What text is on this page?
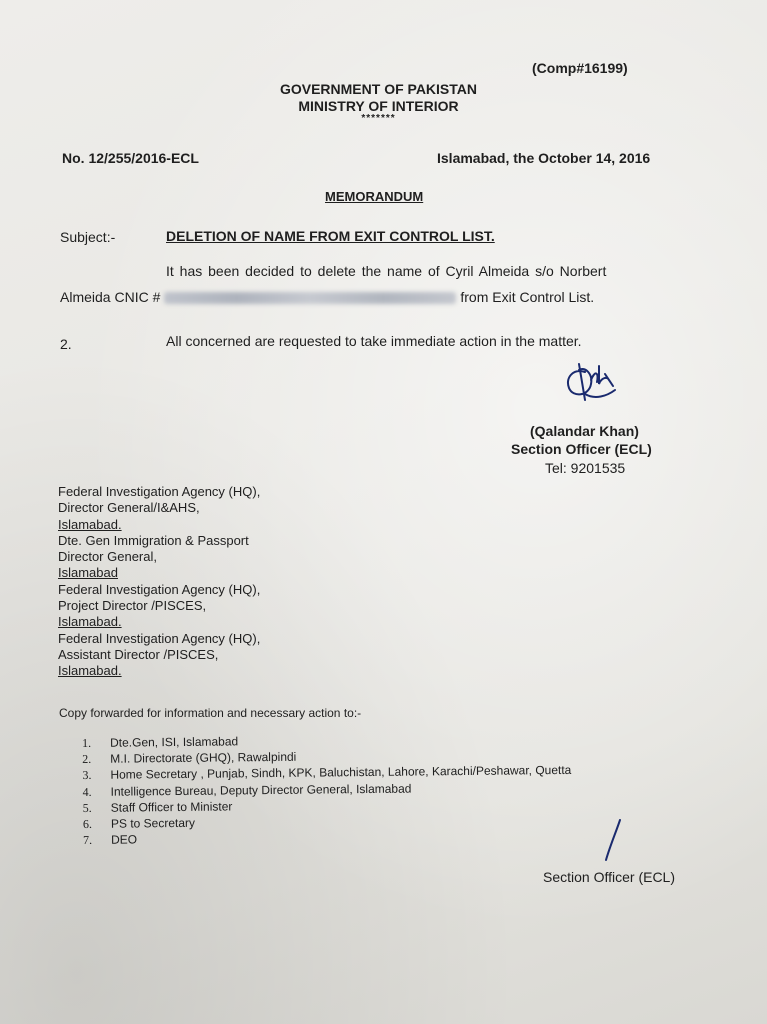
(Comp#16199)
GOVERNMENT OF PAKISTAN
MINISTRY OF INTERIOR
*******
No. 12/255/2016-ECL	Islamabad, the October 14, 2016
MEMORANDUM
Subject:-	DELETION OF NAME FROM EXIT CONTROL LIST.
It has been decided to delete the name of Cyril Almeida s/o Norbert
Almeida CNIC #	from Exit Control List.
2.	All concerned are requested to take immediate action in the matter.
(Qalandar Khan)
Section Officer (ECL)
Tel: 9201535
Federal Investigation Agency (HQ),
Director General/I&AHS,
Islamabad.
Dte. Gen Immigration & Passport
Director General,
Islamabad
Federal Investigation Agency (HQ),
Project Director /PISCES,
Islamabad.
Federal Investigation Agency (HQ),
Assistant Director /PISCES,
Islamabad.
Copy forwarded for information and necessary action to:-
1.	Dte.Gen, ISI, Islamabad
2.	M.I. Directorate (GHQ), Rawalpindi
3.	Home Secretary , Punjab, Sindh, KPK, Baluchistan, Lahore, Karachi/Peshawar, Quetta
4.	Intelligence Bureau, Deputy Director General, Islamabad
5.	Staff Officer to Minister
6.	PS to Secretary
7.	DEO
Section Officer (ECL)
